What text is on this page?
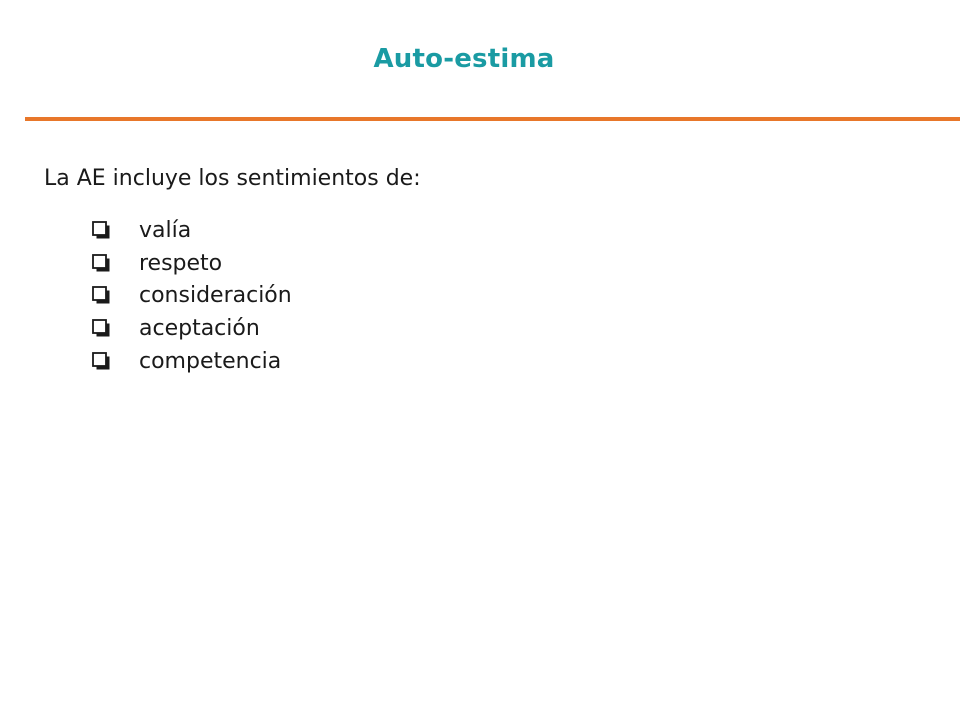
Auto-estima
La AE incluye los sentimientos de:
valía
respeto
consideración
aceptación
competencia
